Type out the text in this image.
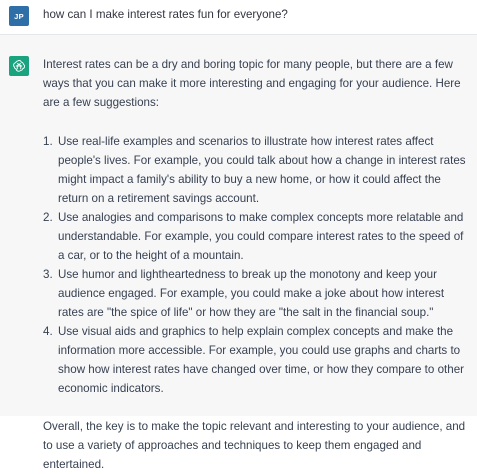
JP	how can I make interest rates fun for everyone?

Interest rates can be a dry and boring topic for many people, but there are a few ways that you can make it more interesting and engaging for your audience. Here are a few suggestions:

1. Use real-life examples and scenarios to illustrate how interest rates affect people's lives. For example, you could talk about how a change in interest rates might impact a family's ability to buy a new home, or how it could affect the return on a retirement savings account.
2. Use analogies and comparisons to make complex concepts more relatable and understandable. For example, you could compare interest rates to the speed of a car, or to the height of a mountain.
3. Use humor and lightheartedness to break up the monotony and keep your audience engaged. For example, you could make a joke about how interest rates are "the spice of life" or how they are "the salt in the financial soup."
4. Use visual aids and graphics to help explain complex concepts and make the information more accessible. For example, you could use graphs and charts to show how interest rates have changed over time, or how they compare to other economic indicators.

Overall, the key is to make the topic relevant and interesting to your audience, and to use a variety of approaches and techniques to keep them engaged and entertained.
